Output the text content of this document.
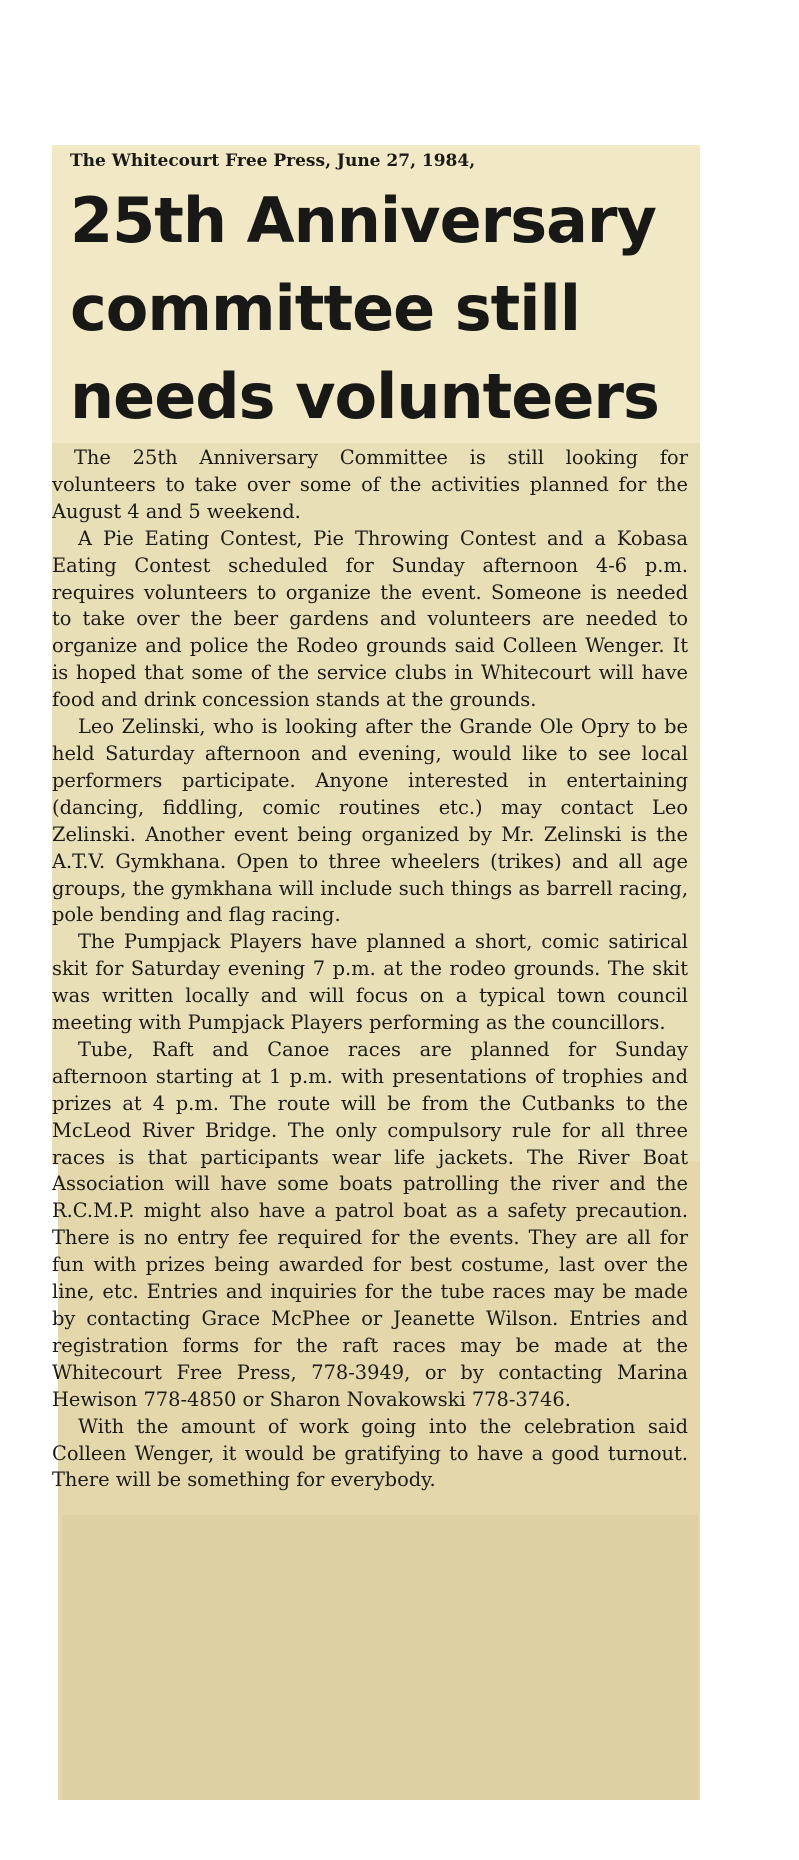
The Whitecourt Free Press, June 27, 1984,
25th Anniversary
committee still
needs volunteers

The 25th Anniversary Committee is still looking for volunteers to take over some of the activities planned for the August 4 and 5 weekend.

A Pie Eating Contest, Pie Throwing Contest and a Kobasa Eating Contest scheduled for Sunday afternoon 4-6 p.m. requires volunteers to organize the event. Someone is needed to take over the beer gardens and volunteers are needed to organize and police the Rodeo grounds said Colleen Wenger. It is hoped that some of the service clubs in Whitecourt will have food and drink concession stands at the grounds.

Leo Zelinski, who is looking after the Grande Ole Opry to be held Saturday afternoon and evening, would like to see local performers participate. Anyone interested in entertaining (dancing, fiddling, comic routines etc.) may contact Leo Zelinski. Another event being organized by Mr. Zelinski is the A.T.V. Gymkhana. Open to three wheelers (trikes) and all age groups, the gymkhana will include such things as barrell racing, pole bending and flag racing.

The Pumpjack Players have planned a short, comic satirical skit for Saturday evening 7 p.m. at the rodeo grounds. The skit was written locally and will focus on a typical town council meeting with Pumpjack Players performing as the councillors.

Tube, Raft and Canoe races are planned for Sunday afternoon starting at 1 p.m. with presentations of trophies and prizes at 4 p.m. The route will be from the Cutbanks to the McLeod River Bridge. The only compulsory rule for all three races is that participants wear life jackets. The River Boat Association will have some boats patrolling the river and the R.C.M.P. might also have a patrol boat as a safety precaution. There is no entry fee required for the events. They are all for fun with prizes being awarded for best costume, last over the line, etc. Entries and inquiries for the tube races may be made by contacting Grace McPhee or Jeanette Wilson. Entries and registration forms for the raft races may be made at the Whitecourt Free Press, 778-3949, or by contacting Marina Hewison 778-4850 or Sharon Novakowski 778-3746.

With the amount of work going into the celebration said Colleen Wenger, it would be gratifying to have a good turnout. There will be something for everybody.
